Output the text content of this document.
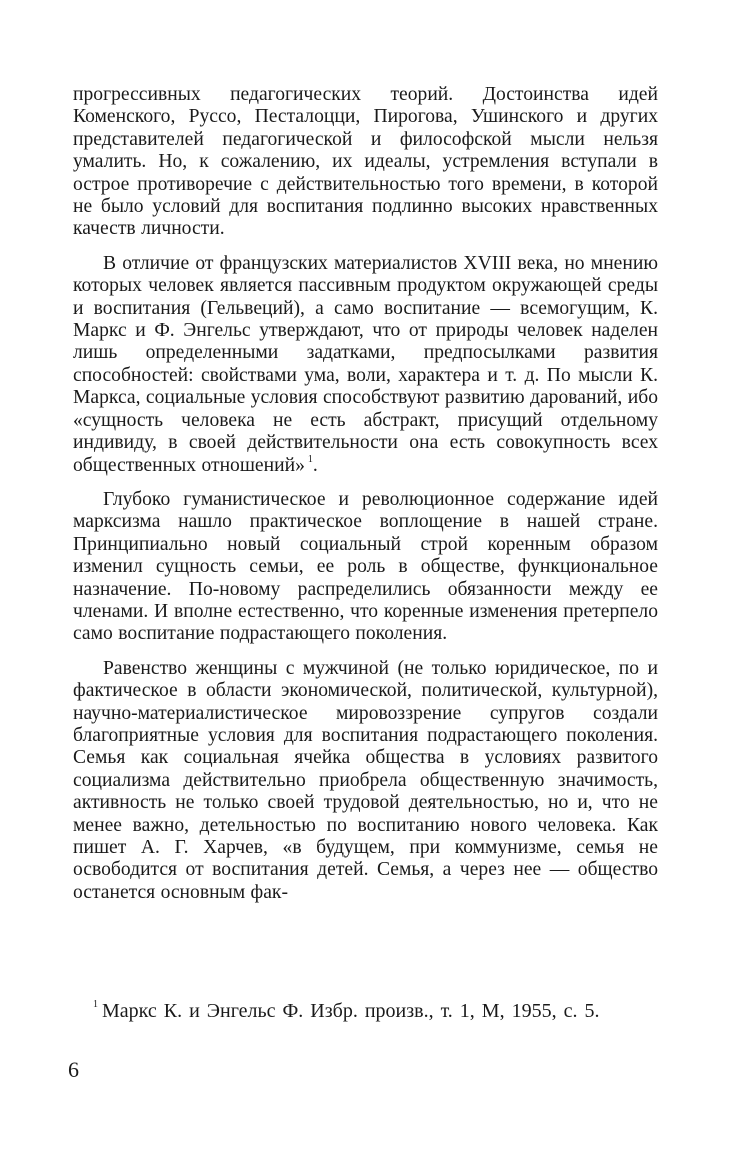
прогрессивных педагогических теорий. Достоинства идей Коменского, Руссо, Песталоцци, Пирогова, Ушинского и других представителей педагогической и философской мысли нельзя умалить. Но, к сожалению, их идеалы, устремления вступали в острое противоречие с действительностью того времени, в которой не было условий для воспитания подлинно высоких нравственных качеств личности.

В отличие от французских материалистов XVIII века, но мнению которых человек является пассивным продуктом окружающей среды и воспитания (Гельвеций), а само воспитание — всемогущим, К. Маркс и Ф. Энгельс утверждают, что от природы человек наделен лишь определенными задатками, предпосылками развития способностей: свойствами ума, воли, характера и т. д. По мысли К. Маркса, социальные условия способствуют развитию дарований, ибо «сущность человека не есть абстракт, присущий отдельному индивиду, в своей действительности она есть совокупность всех общественных отношений» $^1$.

Глубоко гуманистическое и революционное содержание идей марксизма нашло практическое воплощение в нашей стране. Принципиально новый социальный строй коренным образом изменил сущность семьи, ее роль в обществе, функциональное назначение. По-новому распределились обязанности между ее членами. И вполне естественно, что коренные изменения претерпело само воспитание подрастающего поколения.

Равенство женщины с мужчиной (не только юридическое, по и фактическое в области экономической, политической, культурной), научно-материалистическое мировоззрение супругов создали благоприятные условия для воспитания подрастающего поколения. Семья как социальная ячейка общества в условиях развитого социализма действительно приобрела общественную значимость, активность не только своей трудовой деятельностью, но и, что не менее важно, детельностью по воспитанию нового человека. Как пишет А. Г. Харчев, «в будущем, при коммунизме, семья не освободится от воспитания детей. Семья, а через нее — общество останется основным фак-

$^1$ Маркс К. и Энгельс Ф. Избр. произв., т. 1, М, 1955, с. 5.
6
